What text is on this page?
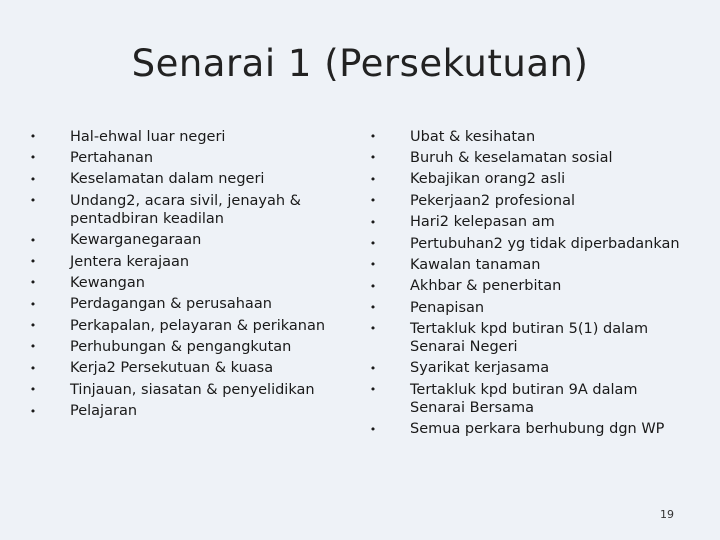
Senarai 1 (Persekutuan)
• Hal-ehwal luar negeri
• Pertahanan
• Keselamatan dalam negeri
• Undang2, acara sivil, jenayah & pentadbiran keadilan
• Kewarganegaraan
• Jentera kerajaan
• Kewangan
• Perdagangan & perusahaan
• Perkapalan, pelayaran & perikanan
• Perhubungan & pengangkutan
• Kerja2 Persekutuan & kuasa
• Tinjauan, siasatan & penyelidikan
• Pelajaran
• Ubat & kesihatan
• Buruh & keselamatan sosial
• Kebajikan orang2 asli
• Pekerjaan2 profesional
• Hari2 kelepasan am
• Pertubuhan2 yg tidak diperbadankan
• Kawalan tanaman
• Akhbar & penerbitan
• Penapisan
• Tertakluk kpd butiran 5(1) dalam Senarai Negeri
• Syarikat kerjasama
• Tertakluk kpd butiran 9A dalam Senarai Bersama
• Semua perkara berhubung dgn WP
19
